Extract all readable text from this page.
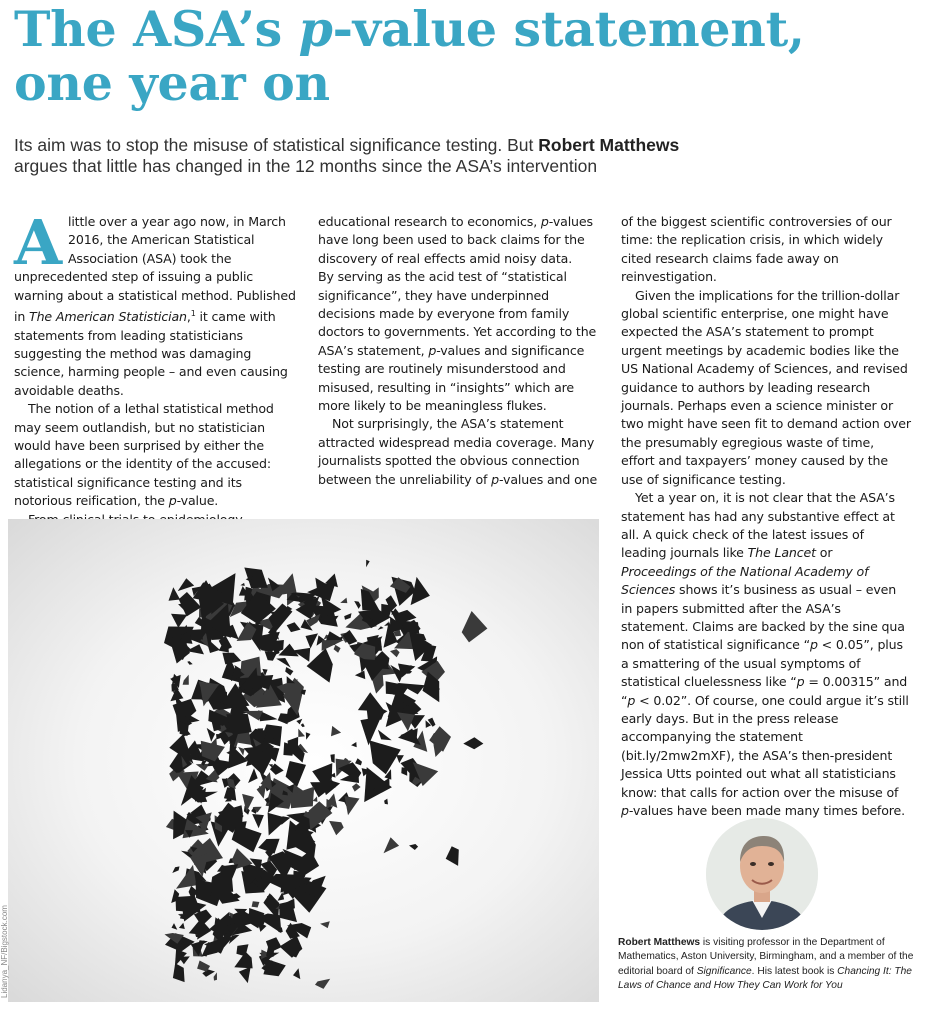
The ASA’s p-value statement,
one year on

Its aim was to stop the misuse of statistical significance testing. But Robert Matthews
argues that little has changed in the 12 months since the ASA’s intervention

Alittle over a year ago now, in March 2016, the American Statistical Association (ASA) took the unprecedented step of issuing a public warning about a statistical method. Published in The American Statistician,$^1$ it came with statements from leading statisticians suggesting the method was damaging science, harming people – and even causing avoidable deaths.

The notion of a lethal statistical method may seem outlandish, but no statistician would have been surprised by either the allegations or the identity of the accused: statistical significance testing and its notorious reification, the p-value.

educational research to economics, p-values have long been used to back claims for the discovery of real effects amid noisy data.

By serving as the acid test of “statistical significance”, they have underpinned decisions made by everyone from family doctors to governments. Yet according to the ASA’s statement, p-values and significance testing are routinely misunderstood and misused, resulting in “insights” which are more likely to be meaningless flukes.

Not surprisingly, the ASA’s statement attracted widespread media coverage. Many journalists spotted the obvious connection between the unreliability of p-values and one

of the biggest scientific controversies of our time: the replication crisis, in which widely cited research claims fade away on reinvestigation.

Given the implications for the trillion-dollar global scientific enterprise, one might have expected the ASA’s statement to prompt urgent meetings by academic bodies like the US National Academy of Sciences, and revised guidance to authors by leading research journals. Perhaps even a science minister or two might have seen fit to demand action over the presumably egregious waste of time, effort and taxpayers’ money caused by the use of significance testing.

Yet a year on, it is not clear that the ASA’s statement has had any substantive effect at all. A quick check of the latest issues of leading journals like The Lancet or Proceedings of the National Academy of Sciences shows it’s business as usual – even in papers submitted after the ASA’s statement. Claims are backed by the sine qua non of statistical significance “p < 0.05”, plus a smattering of the usual symptoms of statistical cluelessness like “p = 0.00315” and “p < 0.02”. Of course, one could argue it’s still early days. But in the press release accompanying the statement (bit.ly/2mw2mXF), the ASA’s then-president Jessica Utts pointed out what all statisticians know: that calls for action over the misuse of p-values have been made many times before.

Lidanya_NF/Bigstock.com	Robert Matthews is visiting professor in the Department of Mathematics, Aston University, Birmingham, and a member of the editorial board of Significance. His latest book is Chancing It: The Laws of Chance and How They Can Work for You
